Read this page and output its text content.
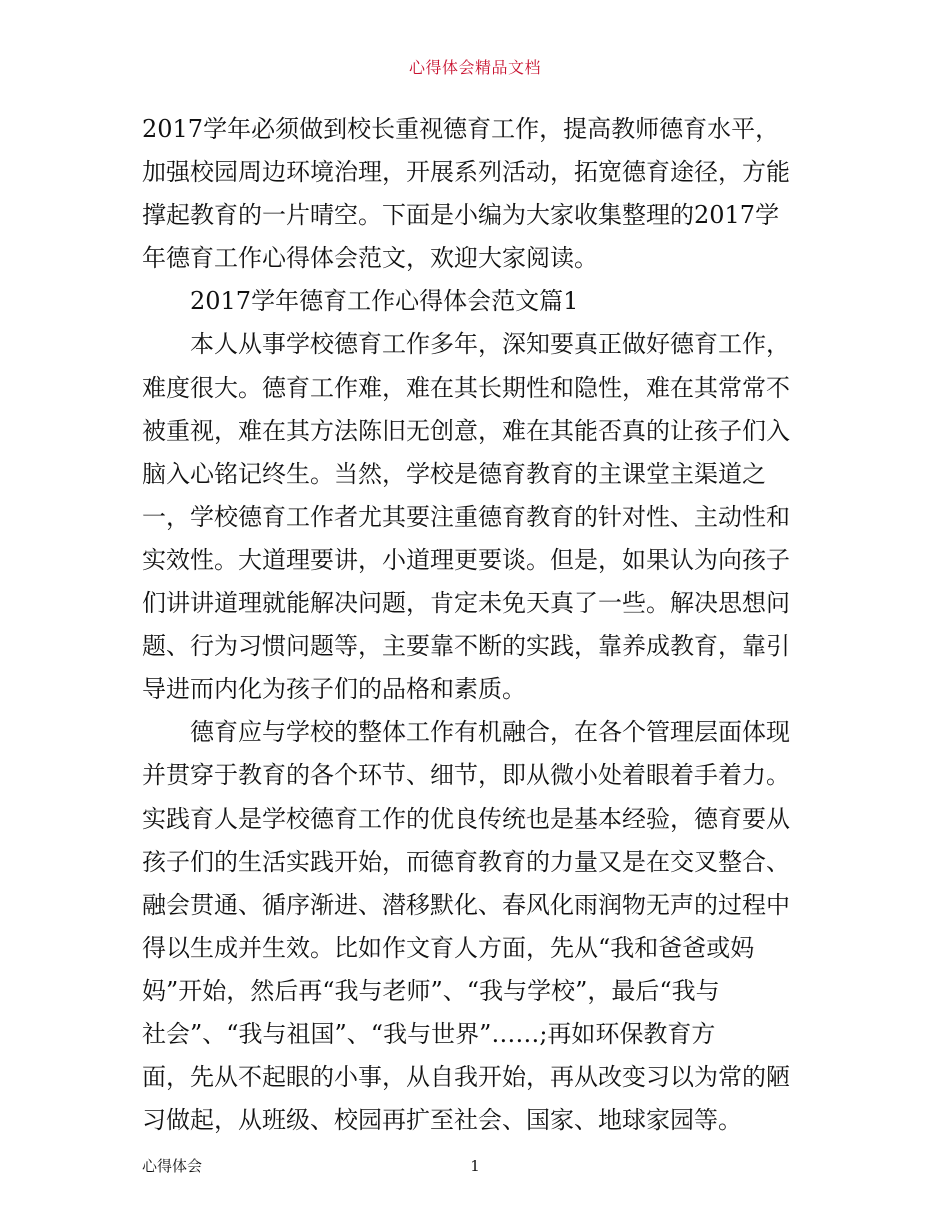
心得体会精品文档
2017学年必须做到校长重视德育工作，提高教师德育水平，
加强校园周边环境治理，开展系列活动，拓宽德育途径，方能
撑起教育的一片晴空。下面是小编为大家收集整理的2017学
年德育工作心得体会范文，欢迎大家阅读。
2017学年德育工作心得体会范文篇1
本人从事学校德育工作多年，深知要真正做好德育工作，
难度很大。德育工作难，难在其长期性和隐性，难在其常常不
被重视，难在其方法陈旧无创意，难在其能否真的让孩子们入
脑入心铭记终生。当然，学校是德育教育的主课堂主渠道之
一，学校德育工作者尤其要注重德育教育的针对性、主动性和
实效性。大道理要讲，小道理更要谈。但是，如果认为向孩子
们讲讲道理就能解决问题，肯定未免天真了一些。解决思想问
题、行为习惯问题等，主要靠不断的实践，靠养成教育，靠引
导进而内化为孩子们的品格和素质。
德育应与学校的整体工作有机融合，在各个管理层面体现
并贯穿于教育的各个环节、细节，即从微小处着眼着手着力。
实践育人是学校德育工作的优良传统也是基本经验，德育要从
孩子们的生活实践开始，而德育教育的力量又是在交叉整合、
融会贯通、循序渐进、潜移默化、春风化雨润物无声的过程中
得以生成并生效。比如作文育人方面，先从“我和爸爸或妈
妈”开始，然后再“我与老师”、“我与学校”，最后“我与
社会”、“我与祖国”、“我与世界”……;再如环保教育方
面，先从不起眼的小事，从自我开始，再从改变习以为常的陋
习做起，从班级、校园再扩至社会、国家、地球家园等。
心得体会	1
